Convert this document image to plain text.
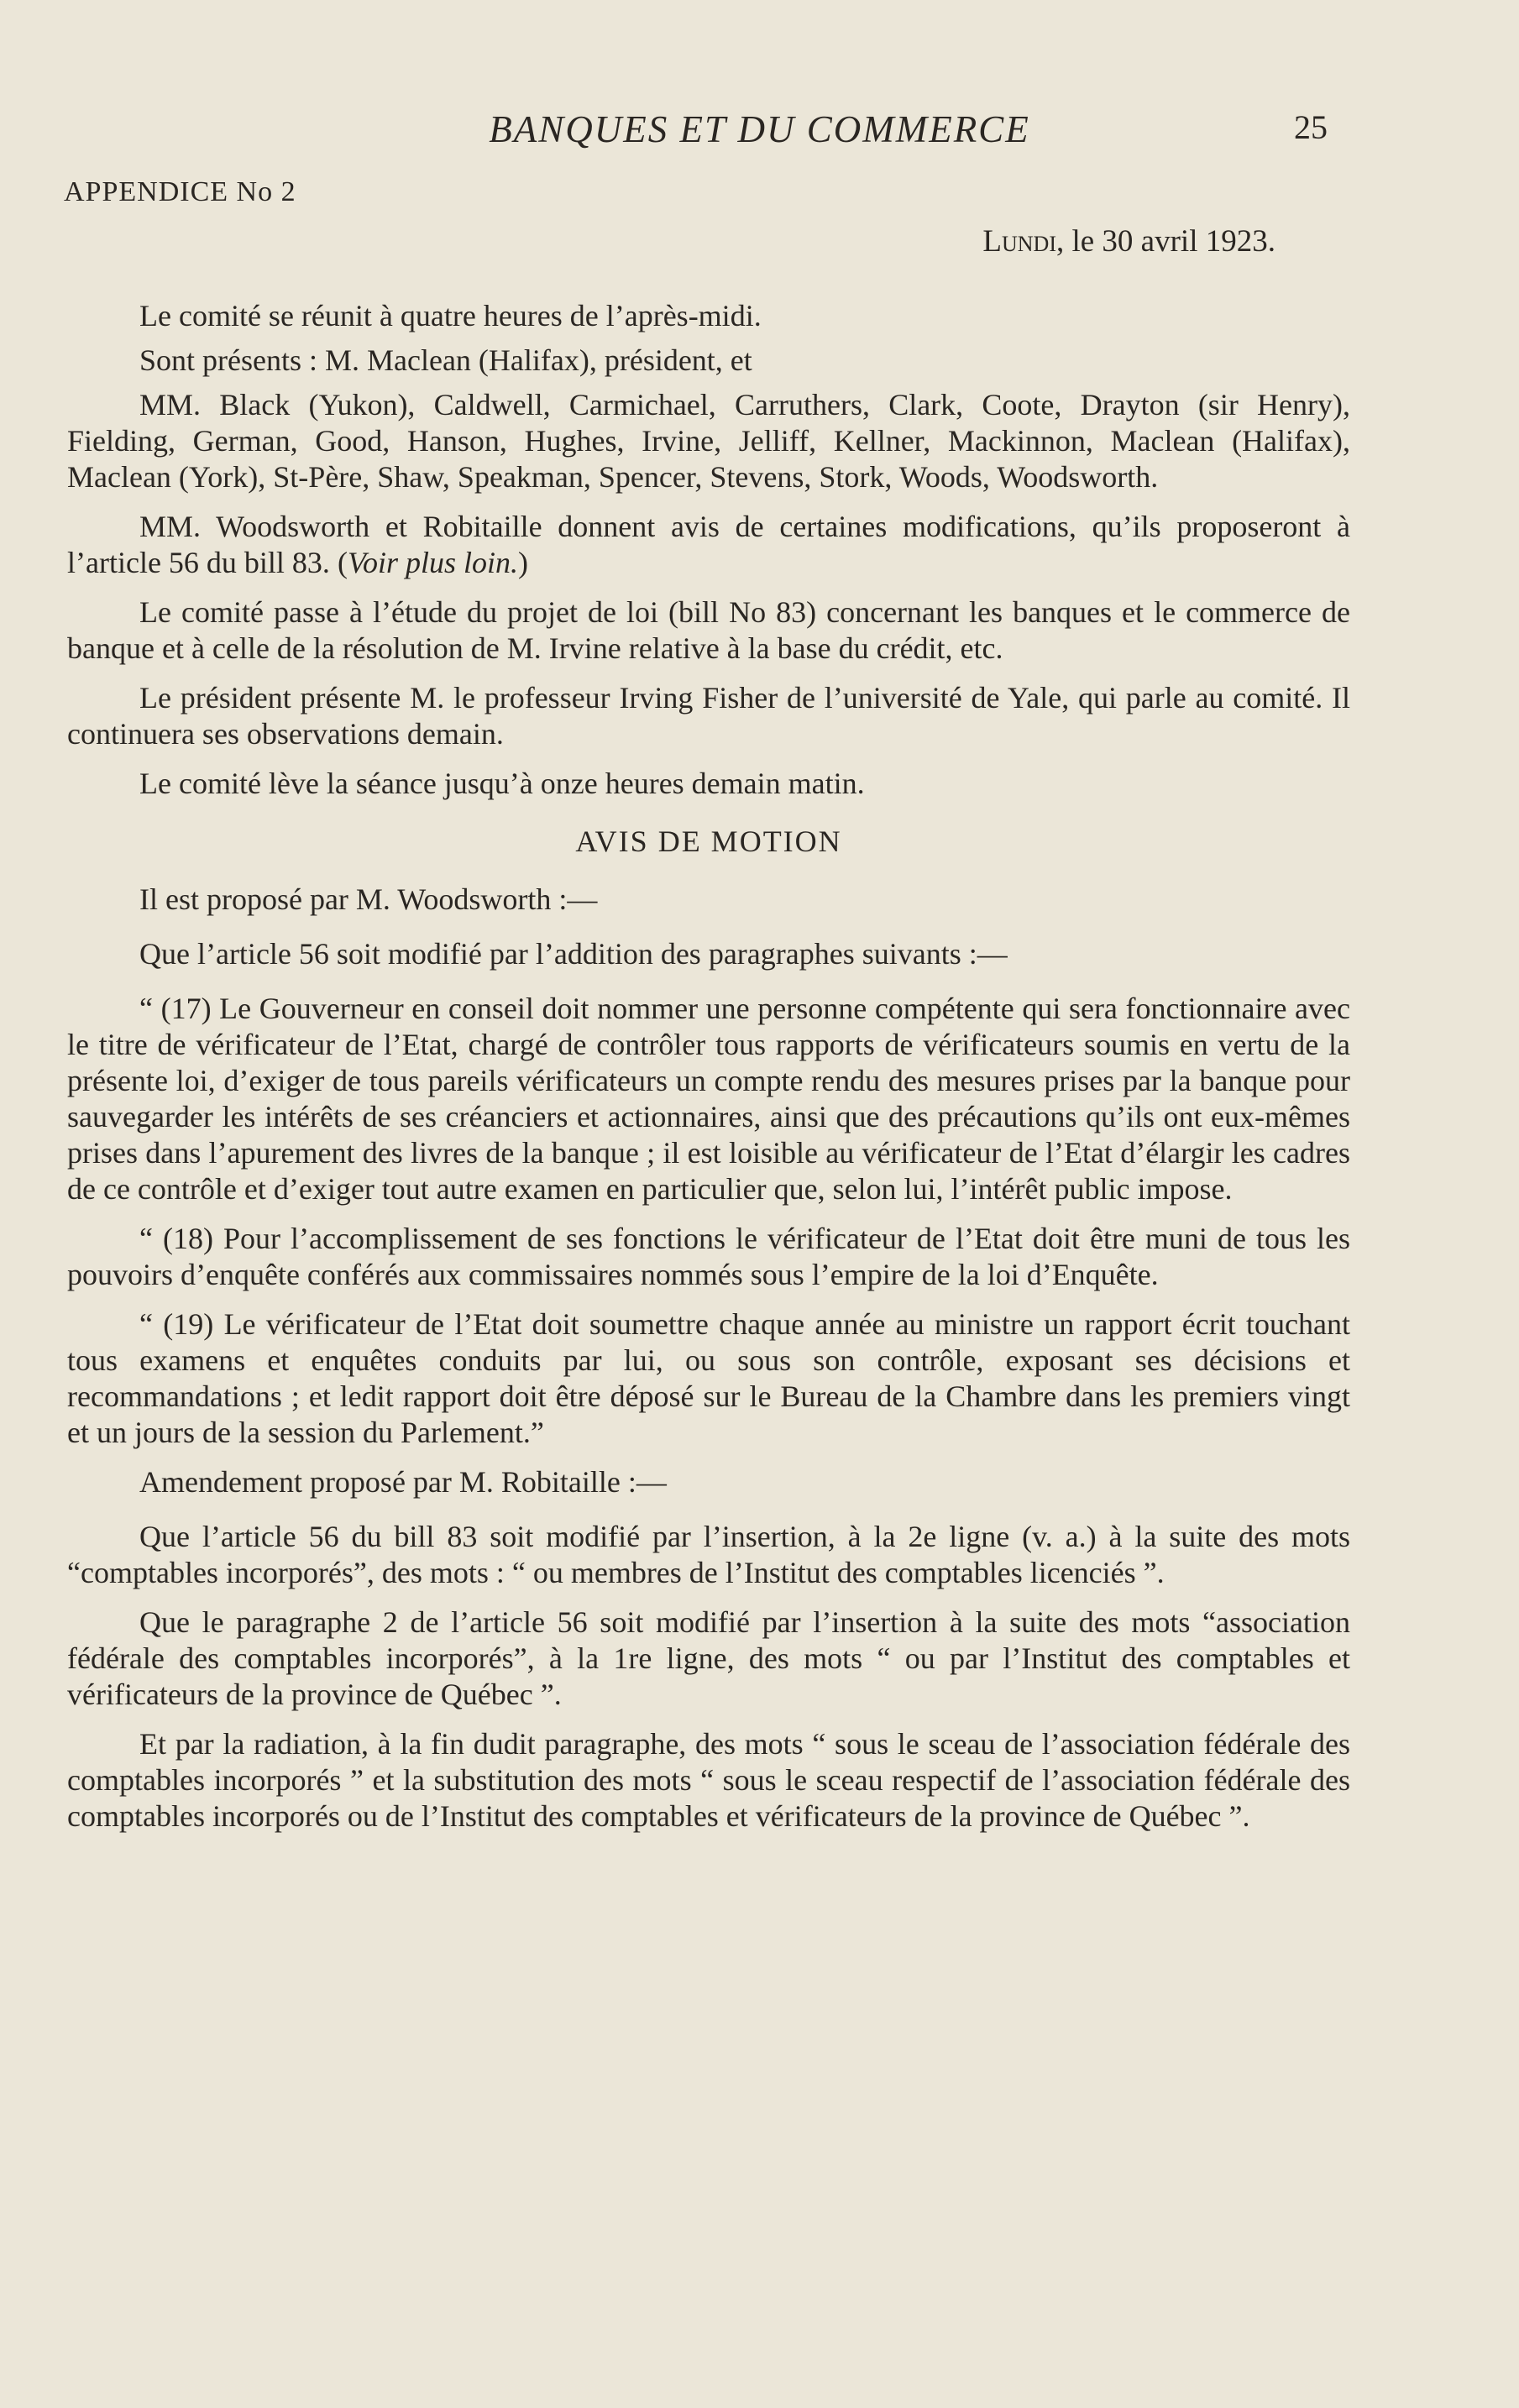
BANQUES ET DU COMMERCE	25
APPENDICE No 2
Lundi, le 30 avril 1923.

Le comité se réunit à quatre heures de l’après-midi.

Sont présents : M. Maclean (Halifax), président, et

MM. Black (Yukon), Caldwell, Carmichael, Carruthers, Clark, Coote, Drayton (sir Henry), Fielding, German, Good, Hanson, Hughes, Irvine, Jelliff, Kellner, Mackinnon, Maclean (Halifax), Maclean (York), St-Père, Shaw, Speakman, Spencer, Stevens, Stork, Woods, Woodsworth.

MM. Woodsworth et Robitaille donnent avis de certaines modifications, qu’ils proposeront à l’article 56 du bill 83. (Voir plus loin.)

Le comité passe à l’étude du projet de loi (bill No 83) concernant les banques et le commerce de banque et à celle de la résolution de M. Irvine relative à la base du crédit, etc.

Le président présente M. le professeur Irving Fisher de l’université de Yale, qui parle au comité. Il continuera ses observations demain.

Le comité lève la séance jusqu’à onze heures demain matin.

AVIS DE MOTION

Il est proposé par M. Woodsworth :—

Que l’article 56 soit modifié par l’addition des paragraphes suivants :—

“ (17) Le Gouverneur en conseil doit nommer une personne compétente qui sera fonctionnaire avec le titre de vérificateur de l’Etat, chargé de contrôler tous rapports de vérificateurs soumis en vertu de la présente loi, d’exiger de tous pareils vérificateurs un compte rendu des mesures prises par la banque pour sauvegarder les intérêts de ses créanciers et actionnaires, ainsi que des précautions qu’ils ont eux-mêmes prises dans l’apurement des livres de la banque ; il est loisible au vérificateur de l’Etat d’élargir les cadres de ce contrôle et d’exiger tout autre examen en particulier que, selon lui, l’intérêt public impose.

“ (18) Pour l’accomplissement de ses fonctions le vérificateur de l’Etat doit être muni de tous les pouvoirs d’enquête conférés aux commissaires nommés sous l’empire de la loi d’Enquête.

“ (19) Le vérificateur de l’Etat doit soumettre chaque année au ministre un rapport écrit touchant tous examens et enquêtes conduits par lui, ou sous son contrôle, exposant ses décisions et recommandations ; et ledit rapport doit être déposé sur le Bureau de la Chambre dans les premiers vingt et un jours de la session du Parlement.”

Amendement proposé par M. Robitaille :—

Que l’article 56 du bill 83 soit modifié par l’insertion, à la 2e ligne (v. a.) à la suite des mots “comptables incorporés”, des mots : “ ou membres de l’Institut des comptables licenciés ”.

Que le paragraphe 2 de l’article 56 soit modifié par l’insertion à la suite des mots “association fédérale des comptables incorporés”, à la 1re ligne, des mots “ ou par l’Institut des comptables et vérificateurs de la province de Québec ”.

Et par la radiation, à la fin dudit paragraphe, des mots “ sous le sceau de l’association fédérale des comptables incorporés ” et la substitution des mots “ sous le sceau respectif de l’association fédérale des comptables incorporés ou de l’Institut des comptables et vérificateurs de la province de Québec ”.
